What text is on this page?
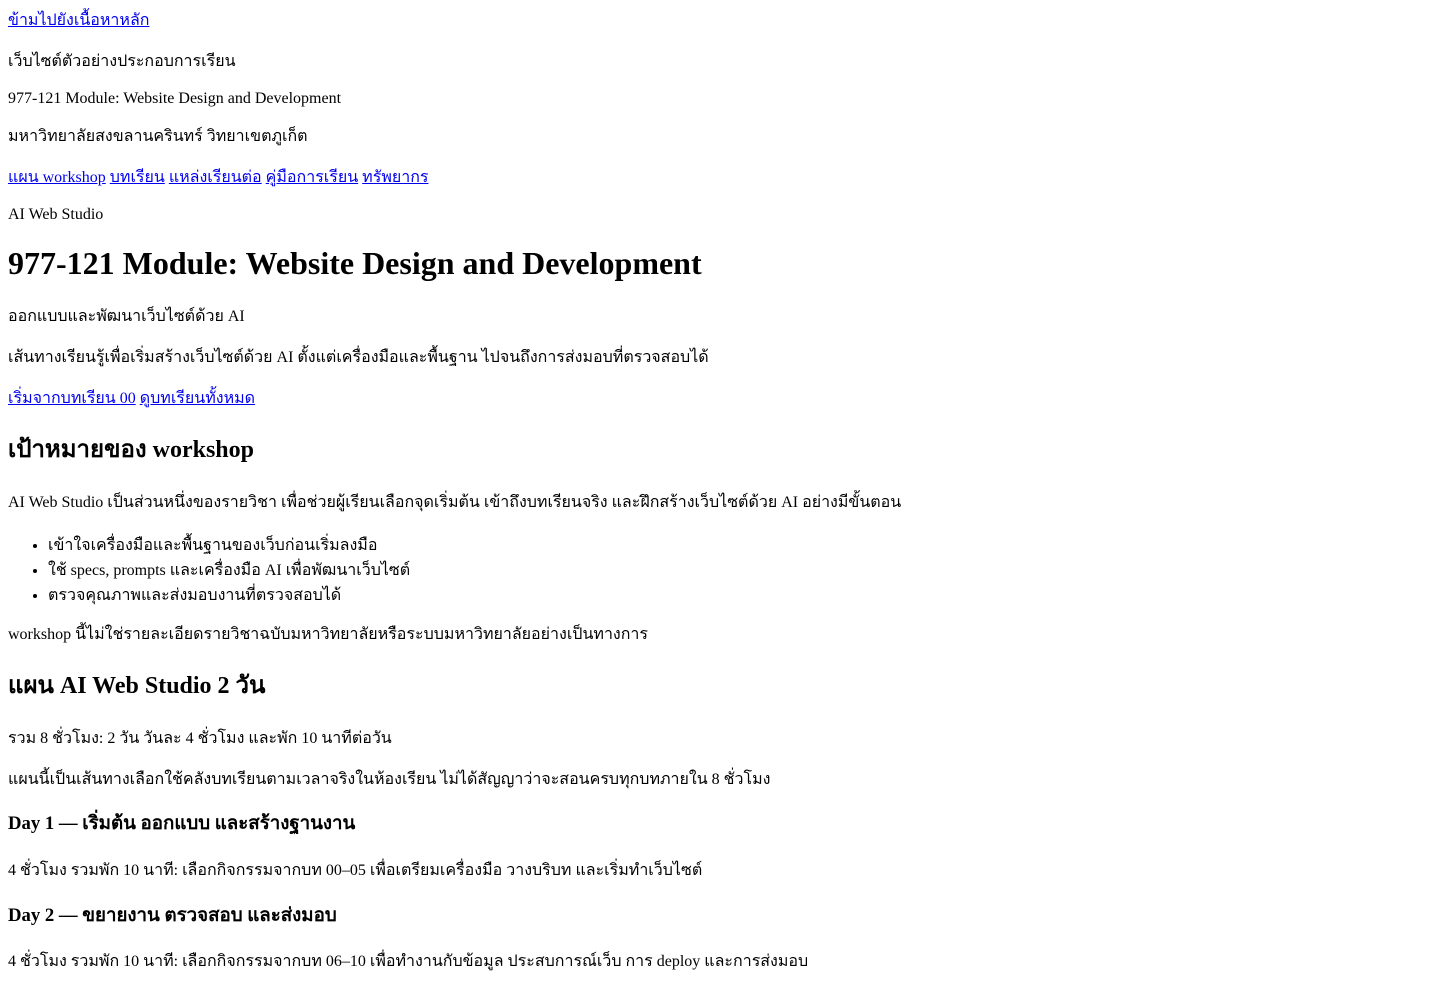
ข้ามไปยังเนื้อหาหลัก

เว็บไซต์ตัวอย่างประกอบการเรียน

977-121 Module: Website Design and Development

มหาวิทยาลัยสงขลานครินทร์ วิทยาเขตภูเก็ต

แผน workshop บทเรียน แหล่งเรียนต่อ คู่มือการเรียน ทรัพยากร

AI Web Studio

977-121 Module: Website Design and Development

ออกแบบและพัฒนาเว็บไซต์ด้วย AI

เส้นทางเรียนรู้เพื่อเริ่มสร้างเว็บไซต์ด้วย AI ตั้งแต่เครื่องมือและพื้นฐาน ไปจนถึงการส่งมอบที่ตรวจสอบได้

เริ่มจากบทเรียน 00 ดูบทเรียนทั้งหมด

เป้าหมายของ workshop

AI Web Studio เป็นส่วนหนึ่งของรายวิชา เพื่อช่วยผู้เรียนเลือกจุดเริ่มต้น เข้าถึงบทเรียนจริง และฝึกสร้างเว็บไซต์ด้วย AI อย่างมีขั้นตอน

• เข้าใจเครื่องมือและพื้นฐานของเว็บก่อนเริ่มลงมือ
• ใช้ specs, prompts และเครื่องมือ AI เพื่อพัฒนาเว็บไซต์
• ตรวจคุณภาพและส่งมอบงานที่ตรวจสอบได้

workshop นี้ไม่ใช่รายละเอียดรายวิชาฉบับมหาวิทยาลัยหรือระบบมหาวิทยาลัยอย่างเป็นทางการ

แผน AI Web Studio 2 วัน

รวม 8 ชั่วโมง: 2 วัน วันละ 4 ชั่วโมง และพัก 10 นาทีต่อวัน

แผนนี้เป็นเส้นทางเลือกใช้คลังบทเรียนตามเวลาจริงในห้องเรียน ไม่ได้สัญญาว่าจะสอนครบทุกบทภายใน 8 ชั่วโมง

Day 1 — เริ่มต้น ออกแบบ และสร้างฐานงาน

4 ชั่วโมง รวมพัก 10 นาที: เลือกกิจกรรมจากบท 00–05 เพื่อเตรียมเครื่องมือ วางบริบท และเริ่มทำเว็บไซต์

Day 2 — ขยายงาน ตรวจสอบ และส่งมอบ

4 ชั่วโมง รวมพัก 10 นาที: เลือกกิจกรรมจากบท 06–10 เพื่อทำงานกับข้อมูล ประสบการณ์เว็บ การ deploy และการส่งมอบ
